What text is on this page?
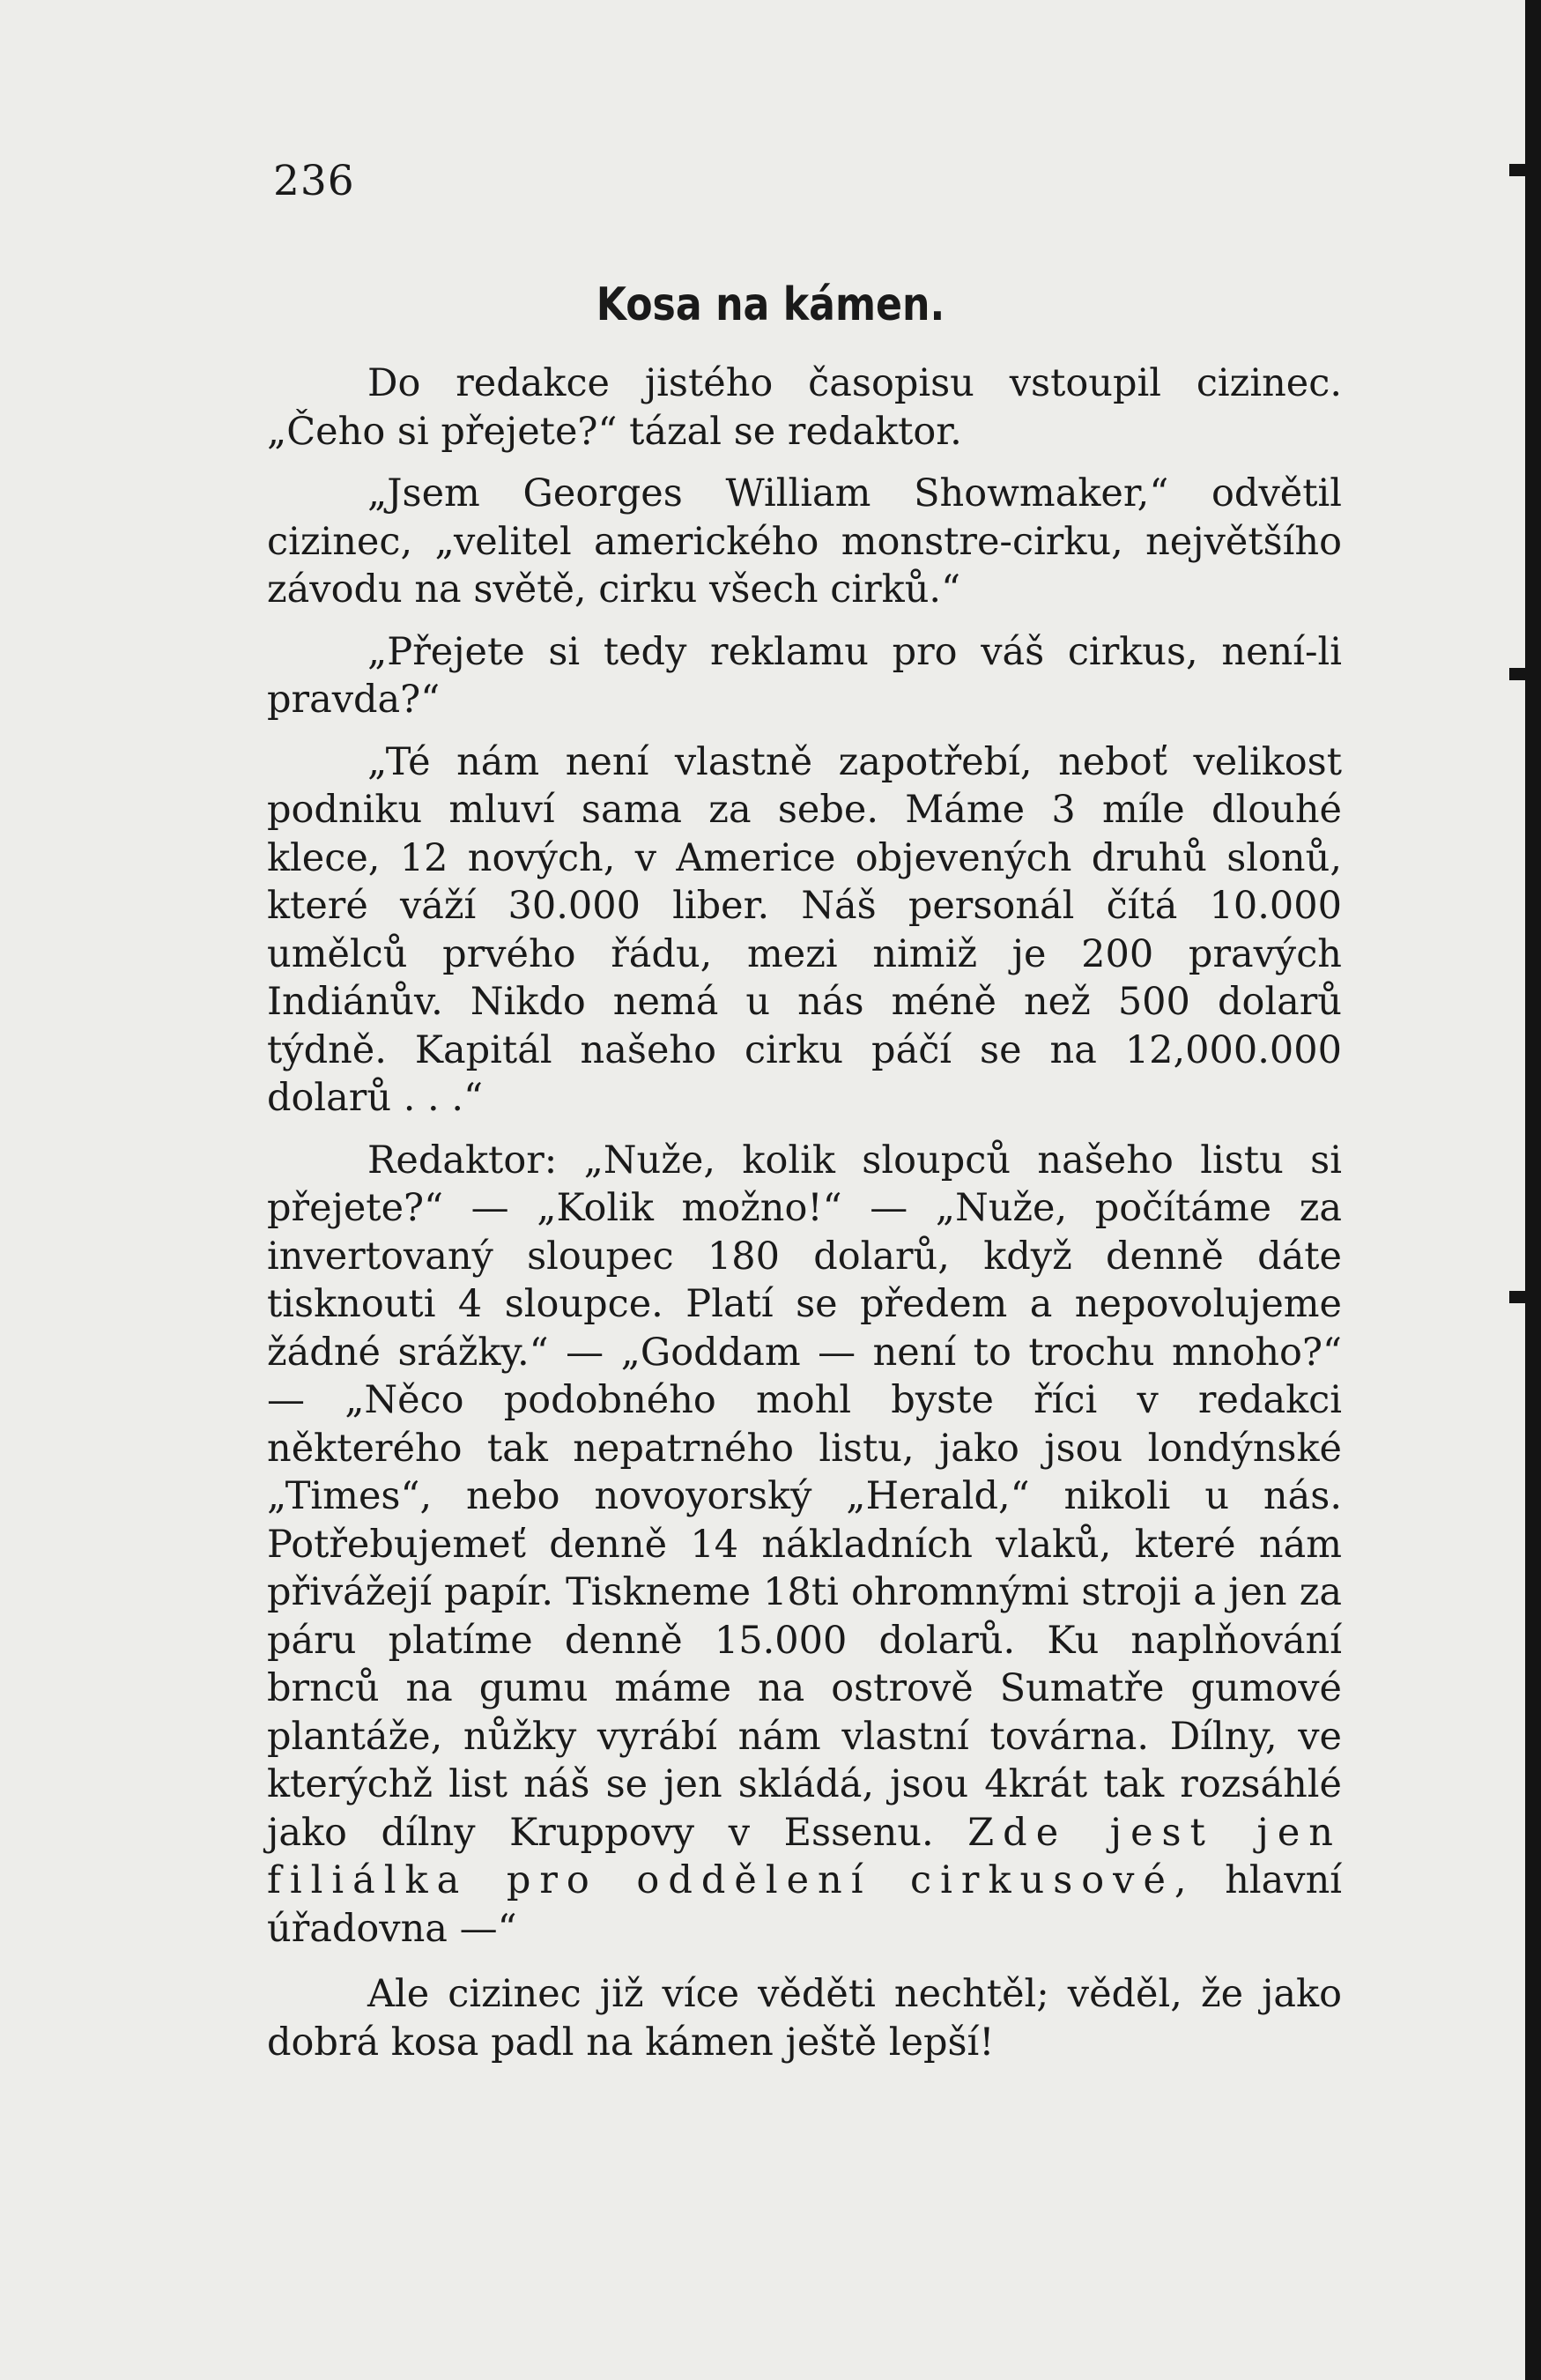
236
Kosa na kámen.

Do redakce jistého časopisu vstoupil cizinec. „Čeho si přejete?“ tázal se redaktor.

„Jsem Georges William Showmaker,“ odvětil cizinec, „velitel amerického monstre-cirku, největšího závodu na světě, cirku všech cirků.“

„Přejete si tedy reklamu pro váš cirkus, není-li pravda?“

„Té nám není vlastně zapotřebí, neboť velikost podniku mluví sama za sebe. Máme 3 míle dlouhé klece, 12 nových, v Americe objevených druhů slonů, které váží 30.000 liber. Náš personál čítá 10.000 umělců prvého řádu, mezi nimiž je 200 pravých Indiánův. Nikdo nemá u nás méně než 500 dolarů týdně. Kapitál našeho cirku páčí se na 12,000.000 dolarů . . .“

Redaktor: „Nuže, kolik sloupců našeho listu si přejete?“ — „Kolik možno!“ — „Nuže, počítáme za invertovaný sloupec 180 dolarů, když denně dáte tisknouti 4 sloupce. Platí se předem a nepovolujeme žádné srážky.“ — „Goddam — není to trochu mnoho?“ — „Něco podobného mohl byste říci v redakci některého tak nepatrného listu, jako jsou londýnské „Times“, nebo novoyorský „Herald,“ nikoli u nás. Potřebujemeť denně 14 nákladních vlaků, které nám přivážejí papír. Tiskneme 18ti ohromnými stroji a jen za páru platíme denně 15.000 dolarů. Ku naplňování brnců na gumu máme na ostrově Sumatře gumové plantáže, nůžky vyrábí nám vlastní továrna. Dílny, ve kterýchž list náš se jen skládá, jsou 4krát tak rozsáhlé jako dílny Kruppovy v Essenu. Zde jest jen filiálka pro oddělení cirkusové, hlavní úřadovna —“

Ale cizinec již více věděti nechtěl; věděl, že jako dobrá kosa padl na kámen ještě lepší!
